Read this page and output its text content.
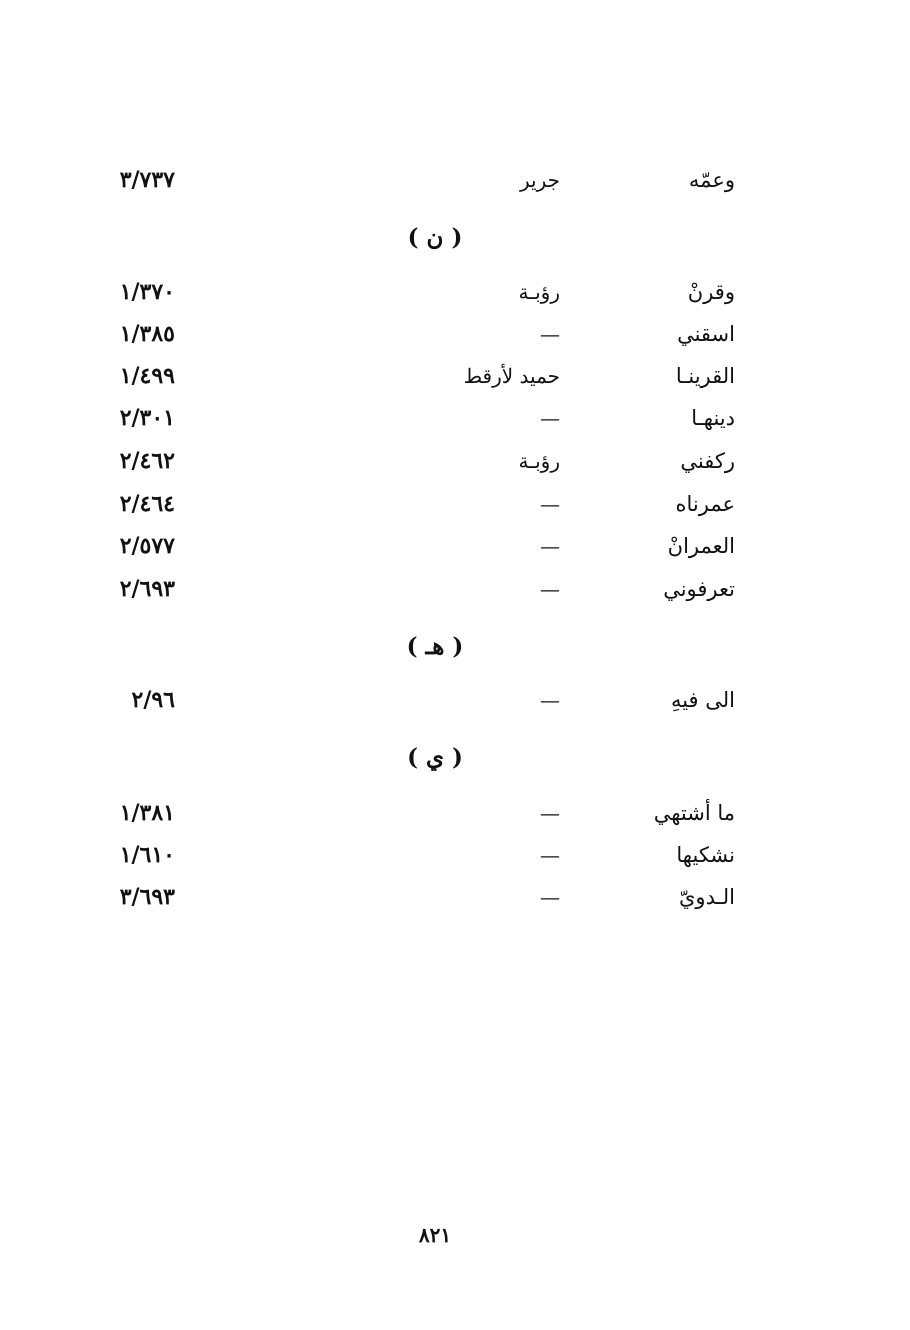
وعمّه
جرير
٣/٧٣٧
( ن )
وقرنْ
رؤبـة
١/٣٧٠
اسقني
—
١/٣٨٥
القرينـا
حميد لأرقط
١/٤٩٩
دينهـا
—
٢/٣٠١
ركفني
رؤبـة
٢/٤٦٢
عمرناه
—
٢/٤٦٤
العمرانْ
—
٢/٥٧٧
تعرفوني
—
٢/٦٩٣
( هـ )
الى فيهِ
—
٢/٩٦
( ي )
ما أشتهي
—
١/٣٨١
نشكيها
—
١/٦١٠
الـدويّ
—
٣/٦٩٣
٨٢١
